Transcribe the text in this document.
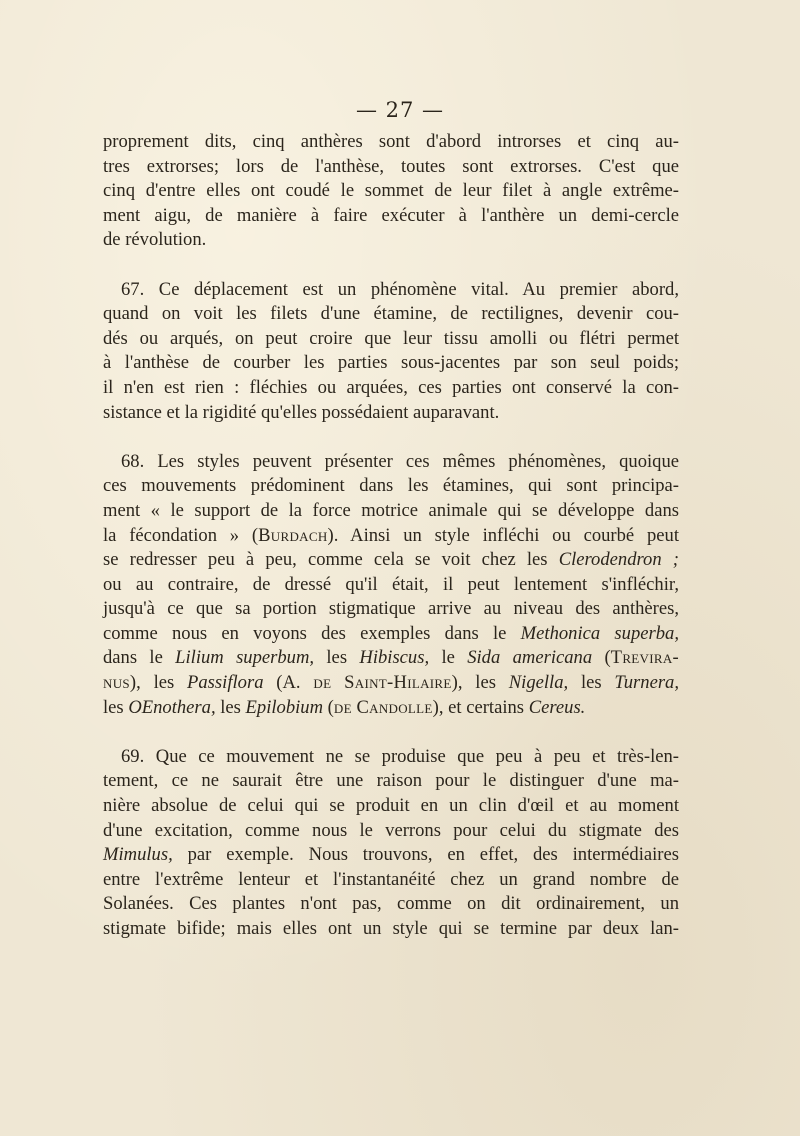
— 27 —
proprement dits, cinq anthères sont d'abord introrses et cinq au-
tres extrorses; lors de l'anthèse, toutes sont extrorses. C'est que
cinq d'entre elles ont coudé le sommet de leur filet à angle extrême-
ment aigu, de manière à faire exécuter à l'anthère un demi-cercle
de révolution.
67. Ce déplacement est un phénomène vital. Au premier abord,
quand on voit les filets d'une étamine, de rectilignes, devenir cou-
dés ou arqués, on peut croire que leur tissu amolli ou flétri permet
à l'anthèse de courber les parties sous-jacentes par son seul poids;
il n'en est rien : fléchies ou arquées, ces parties ont conservé la con-
sistance et la rigidité qu'elles possédaient auparavant.
68. Les styles peuvent présenter ces mêmes phénomènes, quoique
ces mouvements prédominent dans les étamines, qui sont principa-
ment « le support de la force motrice animale qui se développe dans
la fécondation » (Burdach). Ainsi un style infléchi ou courbé peut
se redresser peu à peu, comme cela se voit chez les Clerodendron ;
ou au contraire, de dressé qu'il était, il peut lentement s'infléchir,
jusqu'à ce que sa portion stigmatique arrive au niveau des anthères,
comme nous en voyons des exemples dans le Methonica superba,
dans le Lilium superbum, les Hibiscus, le Sida americana (Trevira-
nus), les Passiflora (A. de Saint-Hilaire), les Nigella, les Turnera,
les OEnothera, les Epilobium (de Candolle), et certains Cereus.
69. Que ce mouvement ne se produise que peu à peu et très-len-
tement, ce ne saurait être une raison pour le distinguer d'une ma-
nière absolue de celui qui se produit en un clin d'œil et au moment
d'une excitation, comme nous le verrons pour celui du stigmate des
Mimulus, par exemple. Nous trouvons, en effet, des intermédiaires
entre l'extrême lenteur et l'instantanéité chez un grand nombre de
Solanées. Ces plantes n'ont pas, comme on dit ordinairement, un
stigmate bifide; mais elles ont un style qui se termine par deux lan-
